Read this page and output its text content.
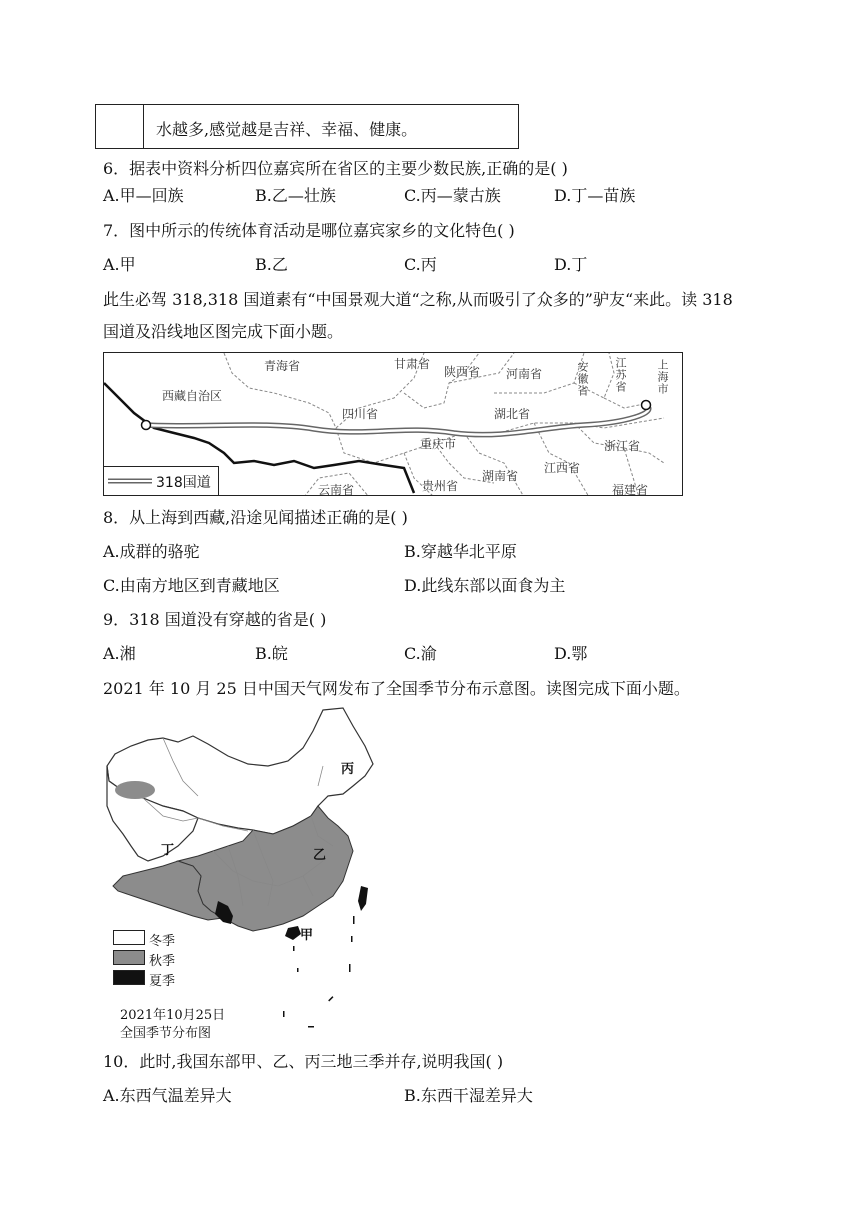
水越多,感觉越是吉祥、幸福、健康。
6．据表中资料分析四位嘉宾所在省区的主要少数民族,正确的是( )
A.甲—回族	B.乙—壮族	C.丙—蒙古族	D.丁—苗族
7．图中所示的传统体育活动是哪位嘉宾家乡的文化特色( )
A.甲	B.乙	C.丙	D.丁
此生必驾 318,318 国道素有“中国景观大道“之称,从而吸引了众多的”驴友“来此。读 318
国道及沿线地区图完成下面小题。
青海省	甘肃省
陕西省 河南省	安徽省 江苏省	上海市
西藏自治区
四川省	湖北省
重庆市	浙江省
湖南省
江西省
云南省	贵州省	福建省
318国道
8．从上海到西藏,沿途见闻描述正确的是( )
A.成群的骆驼	B.穿越华北平原
C.由南方地区到青藏地区	D.此线东部以面食为主
9．318 国道没有穿越的省是( )
A.湘	B.皖	C.渝	D.鄂
2021 年 10 月 25 日中国天气网发布了全国季节分布示意图。读图完成下面小题。
丙
乙
丁
甲
冬季
秋季
夏季
2021年10月25日
全国季节分布图
10．此时,我国东部甲、乙、丙三地三季并存,说明我国( )
A.东西气温差异大	B.东西干湿差异大
